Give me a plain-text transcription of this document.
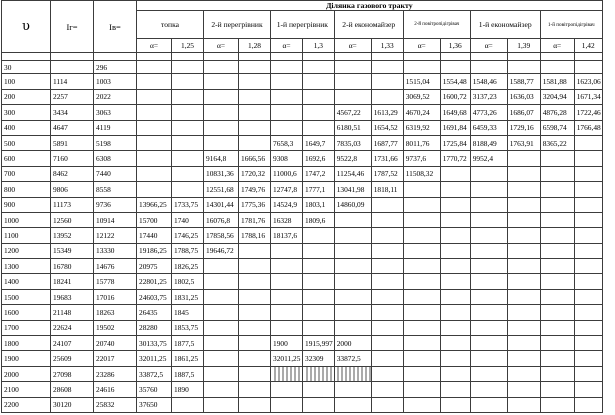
υ	Iг=	Iв=	Ділянка газового тракту													
			топка		2-й перегрівник		1-й перегрівник		2-й економайзер		2-й повітропідігрівач		1-й економайзер		1-й повітропідігрівач	
			α=	1,25	α=	1,28	α=	1,3	α=	1,33	α=	1,36	α=	1,39	α=	1,42

30		296														
100	1114	1003									1515,04	1554,48	1548,46	1588,77	1581,88	1623,06
200	2257	2022									3069,52	1600,72	3137,23	1636,03	3204,94	1671,34
300	3434	3063							4567,22	1613,29	4670,24	1649,68	4773,26	1686,07	4876,28	1722,46
400	4647	4119							6180,51	1654,52	6319,92	1691,84	6459,33	1729,16	6598,74	1766,48
500	5891	5198					7658,3	1649,7	7835,03	1687,77	8011,76	1725,84	8188,49	1763,91	8365,22	
600	7160	6308			9164,8	1666,56	9308	1692,6	9522,8	1731,66	9737,6	1770,72	9952,4			
700	8462	7440			10831,36	1720,32	11000,6	1747,2	11254,46	1787,52	11508,32					
800	9806	8558			12551,68	1749,76	12747,8	1777,1	13041,98	1818,11						
900	11173	9736	13966,25	1733,75	14301,44	1775,36	14524,9	1803,1	14860,09							
1000	12560	10914	15700	1740	16076,8	1781,76	16328	1809,6								
1100	13952	12122	17440	1746,25	17858,56	1788,16	18137,6									
1200	15349	13330	19186,25	1788,75	19646,72											
1300	16780	14676	20975	1826,25												
1400	18241	15778	22801,25	1802,5												
1500	19683	17016	24603,75	1831,25												
1600	21148	18263	26435	1845												
1700	22624	19502	28280	1853,75												
1800	24107	20740	30133,75	1877,5			1900	1915,997	2000							
1900	25609	22017	32011,25	1861,25			32011,25	32309	33872,5							
2000	27098	23286	33872,5	1887,5												
2100	28608	24616	35760	1890												
2200	30120	25832	37650													
